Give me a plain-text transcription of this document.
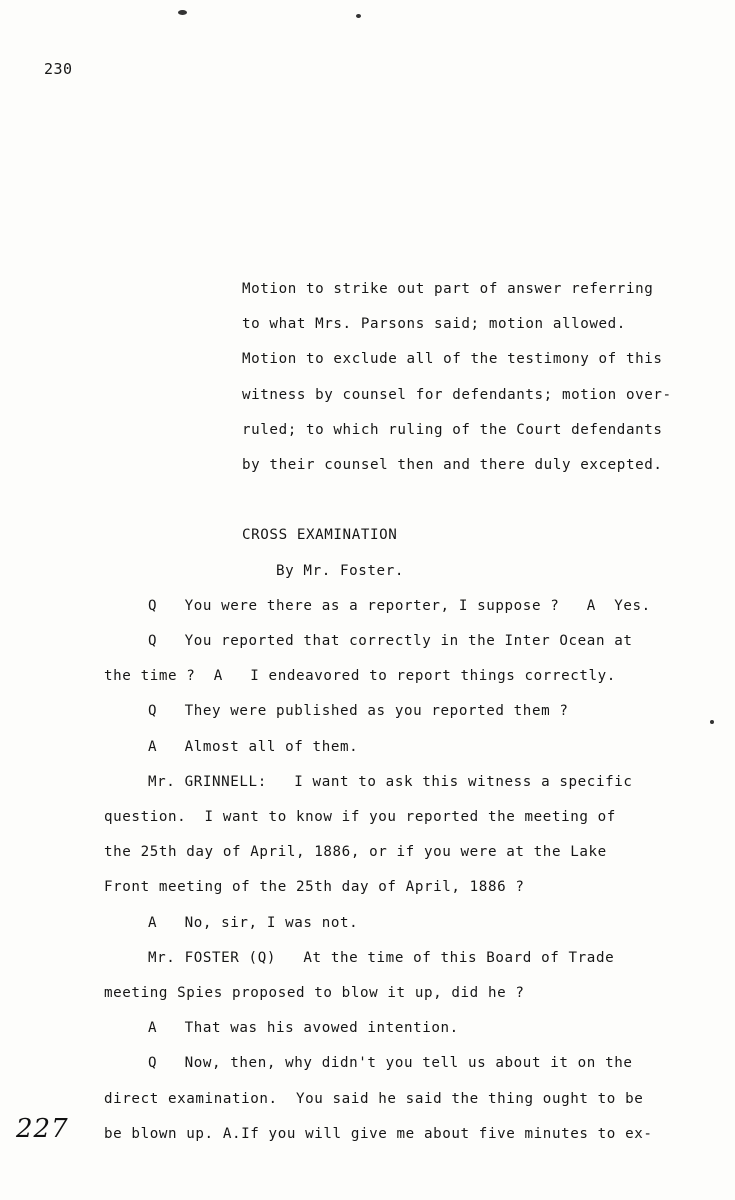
230
Motion to strike out part of answer referring
to what Mrs. Parsons said; motion allowed.
Motion to exclude all of the testimony of this
witness by counsel for defendants; motion over-
ruled; to which ruling of the Court defendants
by their counsel then and there duly excepted.
CROSS EXAMINATION
By Mr. Foster.
Q   You were there as a reporter, I suppose ?   A  Yes.
Q   You reported that correctly in the Inter Ocean at
the time ?  A   I endeavored to report things correctly.
Q   They were published as you reported them ?
A   Almost all of them.
Mr. GRINNELL:   I want to ask this witness a specific
question.  I want to know if you reported the meeting of
the 25th day of April, 1886, or if you were at the Lake
Front meeting of the 25th day of April, 1886 ?
A   No, sir, I was not.
Mr. FOSTER (Q)   At the time of this Board of Trade
meeting Spies proposed to blow it up, did he ?
A   That was his avowed intention.
Q   Now, then, why didn't you tell us about it on the
direct examination.  You said he said the thing ought to be
be blown up. A.If you will give me about five minutes to ex-
227
